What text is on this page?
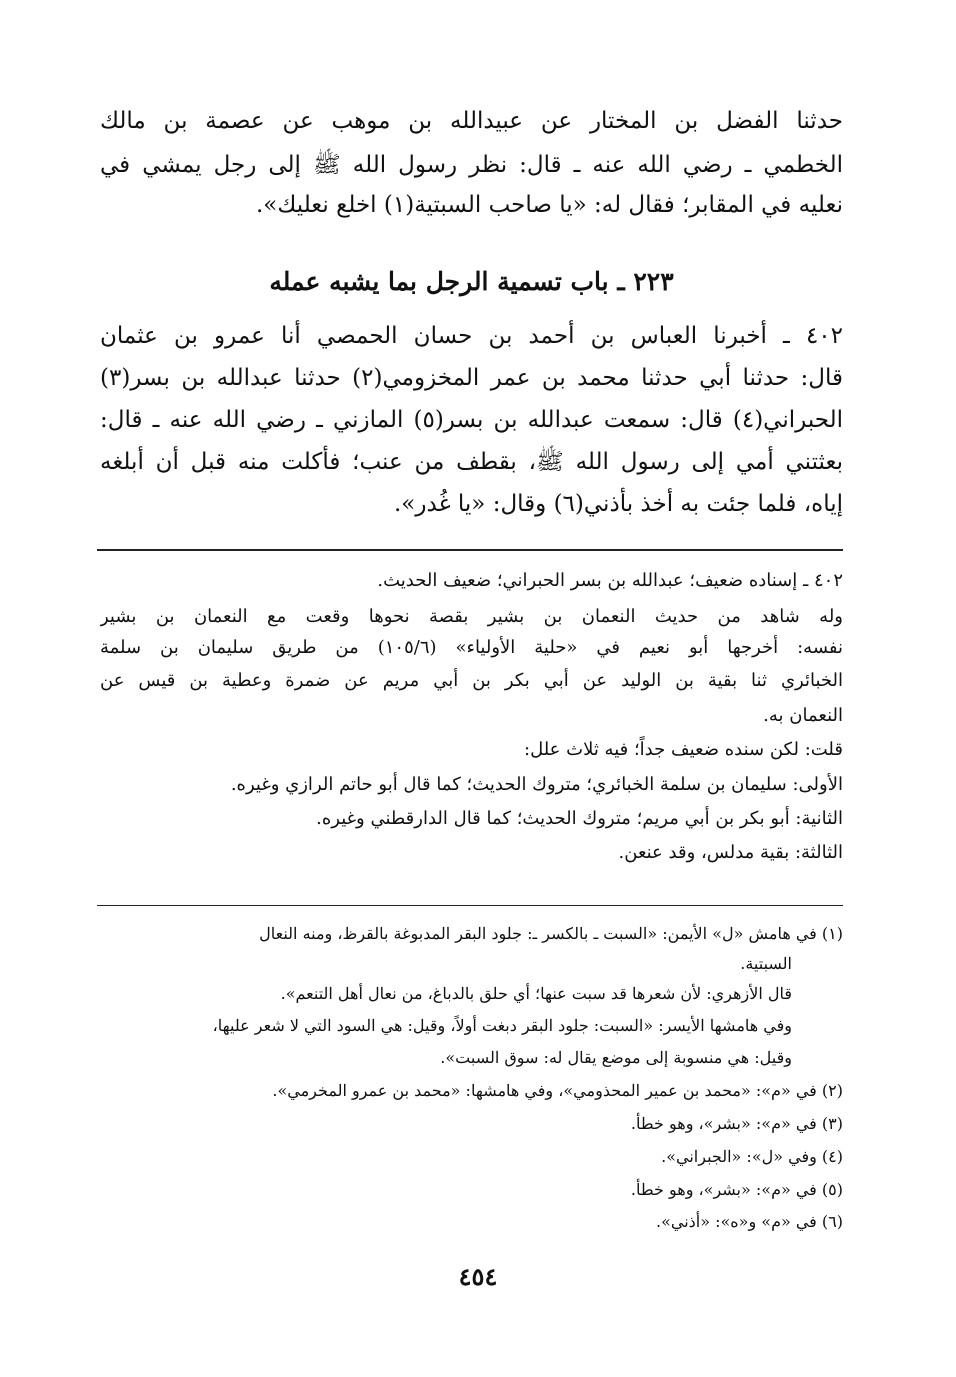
حدثنا الفضل بن المختار عن عبيدالله بن موهب عن عصمة بن مالك
الخطمي ـ رضي الله عنه ـ قال: نظر رسول الله ﷺ إلى رجل يمشي في
نعليه في المقابر؛ فقال له: «يا صاحب السبتية(١) اخلع نعليك».
٢٢٣ ـ باب تسمية الرجل بما يشبه عمله
٤٠٢ ـ أخبرنا العباس بن أحمد بن حسان الحمصي أنا عمرو بن عثمان
قال: حدثنا أبي حدثنا محمد بن عمر المخزومي(٢) حدثنا عبدالله بن بسر(٣)
الحبراني(٤) قال: سمعت عبدالله بن بسر(٥) المازني ـ رضي الله عنه ـ قال:
بعثتني أمي إلى رسول الله ﷺ، بقطف من عنب؛ فأكلت منه قبل أن أبلغه
إياه، فلما جئت به أخذ بأذني(٦) وقال: «يا غُدر».
٤٠٢ ـ إسناده ضعيف؛ عبدالله بن بسر الحبراني؛ ضعيف الحديث.
وله شاهد من حديث النعمان بن بشير بقصة نحوها وقعت مع النعمان بن بشير
نفسه: أخرجها أبو نعيم في «حلية الأولياء» (١٠٥/٦) من طريق سليمان بن سلمة
الخبائري ثنا بقية بن الوليد عن أبي بكر بن أبي مريم عن ضمرة وعطية بن قيس عن
النعمان به.
قلت: لكن سنده ضعيف جداً؛ فيه ثلاث علل:
الأولى: سليمان بن سلمة الخبائري؛ متروك الحديث؛ كما قال أبو حاتم الرازي وغيره.
الثانية: أبو بكر بن أبي مريم؛ متروك الحديث؛ كما قال الدارقطني وغيره.
الثالثة: بقية مدلس، وقد عنعن.
(١) في هامش «ل» الأيمن: «السبت ـ بالكسر ـ: جلود البقر المدبوغة بالقرظ، ومنه النعال
السبتية.
قال الأزهري: لأن شعرها قد سبت عنها؛ أي حلق بالدباغ، من نعال أهل التنعم».
وفي هامشها الأيسر: «السبت: جلود البقر دبغت أولاً، وقيل: هي السود التي لا شعر عليها،
وقيل: هي منسوبة إلى موضع يقال له: سوق السبت».
(٢) في «م»: «محمد بن عمير المحذومي»، وفي هامشها: «محمد بن عمرو المخرمي».
(٣) في «م»: «بشر»، وهو خطأ.
(٤) وفي «ل»: «الجبراني».
(٥) في «م»: «بشر»، وهو خطأ.
(٦) في «م» و«ه»: «أذني».
٤٥٤
